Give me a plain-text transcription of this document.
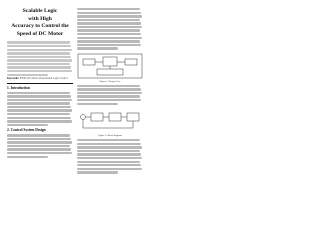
Scalable Logic
with High
Accuracy to Control the
Speed of DC Motor
Keywords: PWM, DC Motor, Proportional Logic Control
1. Introduction
2. Control System Design
Figure 1: Design Core
Figure 2: Block diagram
